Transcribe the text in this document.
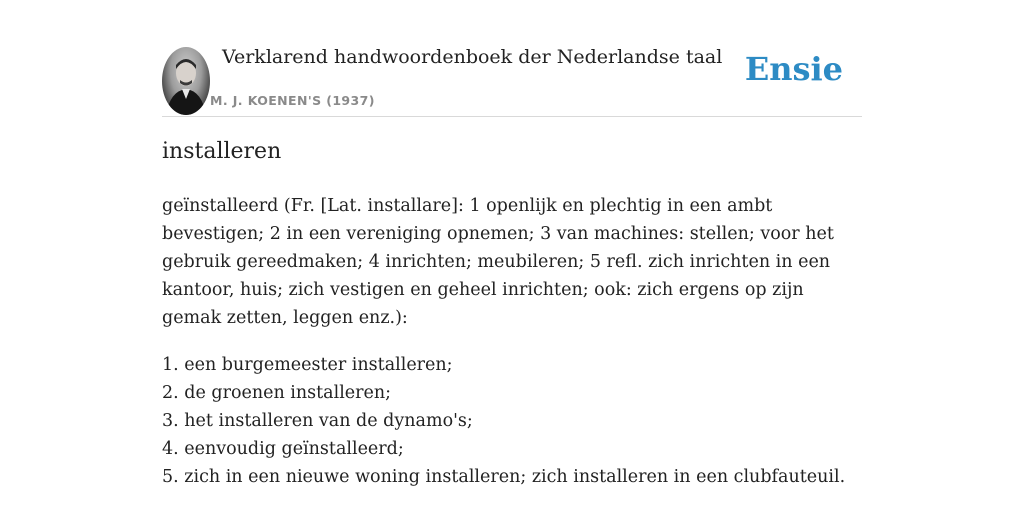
Verklarend handwoordenboek der Nederlandse taal
M. J. KOENEN'S (1937)
Ensie
installeren

geïnstalleerd (Fr. [Lat. installare]: 1 openlijk en plechtig in een ambt bevestigen; 2 in een vereniging opnemen; 3 van machines: stellen; voor het gebruik gereedmaken; 4 inrichten; meubileren; 5 refl. zich inrichten in een kantoor, huis; zich vestigen en geheel inrichten; ook: zich ergens op zijn gemak zetten, leggen enz.):

1. een burgemeester installeren;
2. de groenen installeren;
3. het installeren van de dynamo's;
4. eenvoudig geïnstalleerd;
5. zich in een nieuwe woning installeren; zich installeren in een clubfauteuil.
